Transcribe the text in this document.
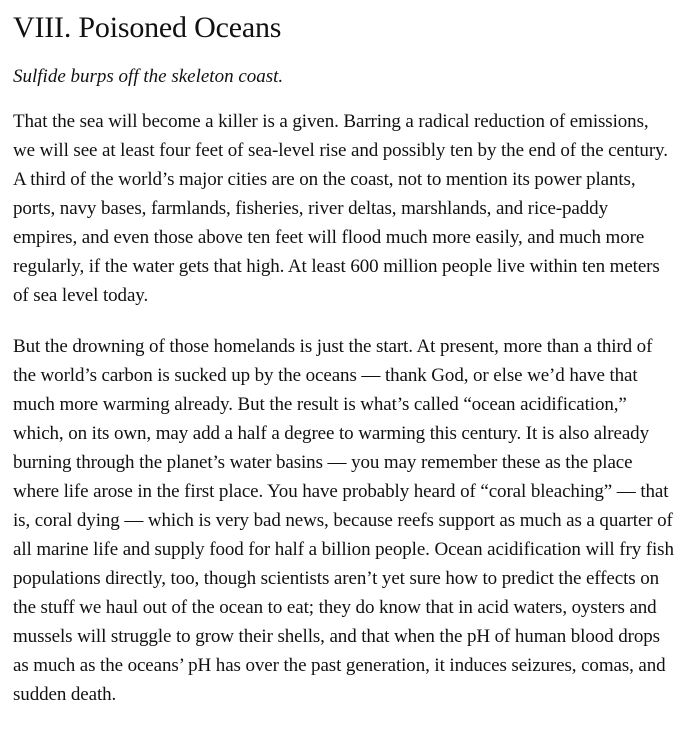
VIII. Poisoned Oceans
Sulfide burps off the skeleton coast.

That the sea will become a killer is a given. Barring a radical reduction of emissions, we will see at least four feet of sea-level rise and possibly ten by the end of the century. A third of the world’s major cities are on the coast, not to mention its power plants, ports, navy bases, farmlands, fisheries, river deltas, marshlands, and rice-paddy empires, and even those above ten feet will flood much more easily, and much more regularly, if the water gets that high. At least 600 million people live within ten meters of sea level today.

But the drowning of those homelands is just the start. At present, more than a third of the world’s carbon is sucked up by the oceans — thank God, or else we’d have that much more warming already. But the result is what’s called “ocean acidification,” which, on its own, may add a half a degree to warming this century. It is also already burning through the planet’s water basins — you may remember these as the place where life arose in the first place. You have probably heard of “coral bleaching” — that is, coral dying — which is very bad news, because reefs support as much as a quarter of all marine life and supply food for half a billion people. Ocean acidification will fry fish populations directly, too, though scientists aren’t yet sure how to predict the effects on the stuff we haul out of the ocean to eat; they do know that in acid waters, oysters and mussels will struggle to grow their shells, and that when the pH of human blood drops as much as the oceans’ pH has over the past generation, it induces seizures, comas, and sudden death.
